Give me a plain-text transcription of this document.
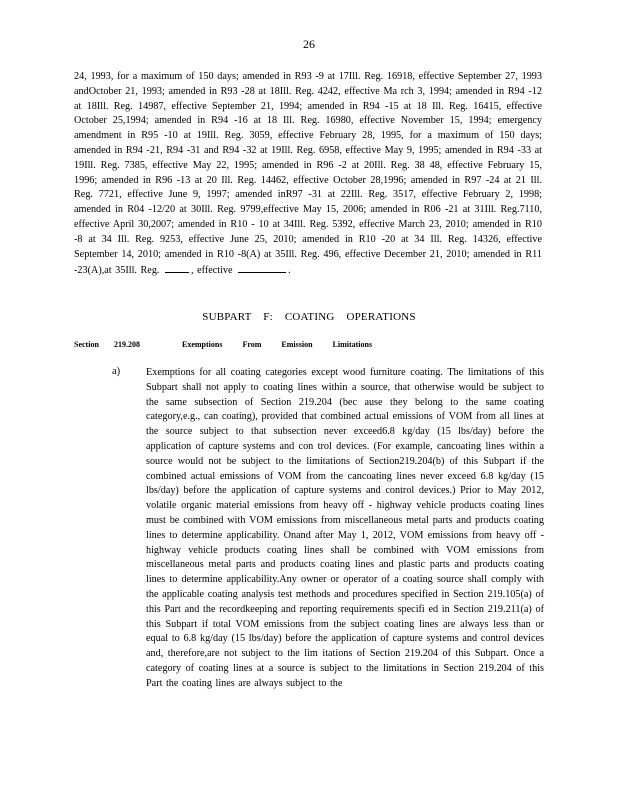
26
24, 1993, for a maximum of 150 days; amended in R93 -9 at 17Ill. Reg. 16918, effective September 27, 1993 andOctober 21, 1993; amended in R93 -28 at 18Ill. Reg. 4242, effective Ma rch 3, 1994; amended in R94 -12 at 18Ill. Reg. 14987, effective September 21, 1994; amended in R94 -15 at 18 Ill. Reg. 16415, effective October 25,1994; amended in R94 -16 at 18 Ill. Reg. 16980, effective November 15, 1994; emergency amendment in R95 -10 at 19Ill. Reg. 3059, effective February 28, 1995, for a maximum of 150 days; amended in R94 -21, R94 -31 and R94 -32 at 19Ill. Reg. 6958, effective May 9, 1995; amended in R94 -33 at 19Ill. Reg. 7385, effective May 22, 1995; amended in R96 -2 at 20Ill. Reg. 38 48, effective February 15, 1996; amended in R96 -13 at 20 Ill. Reg. 14462, effective October 28,1996; amended in R97 -24 at 21 Ill. Reg. 7721, effective June 9, 1997; amended inR97 -31 at 22Ill. Reg. 3517, effective February 2, 1998; amended in R04 -12/20 at 30Ill. Reg. 9799,effective May 15, 2006; amended in R06 -21 at 31Ill. Reg.7110, effective April 30,2007; amended in R10 - 10 at 34Ill. Reg. 5392, effective March 23, 2010; amended in R10 -8 at 34 Ill. Reg. 9253, effective June 25, 2010; amended in R10 -20 at 34 Ill. Reg. 14326, effective September 14, 2010; amended in R10 -8(A) at 35Ill. Reg. 496, effective December 21, 2010; amended in R11 -23(A),at 35Ill. Reg.	, effective	.
SUBPART F: COATING OPERATIONS
Section 219.208	Exemptions From Emission Limitations
a)	Exemptions for all coating categories except wood furniture coating. The limitations of this Subpart shall not apply to coating lines within a source, that otherwise would be subject to the same subsection of Section 219.204 (bec ause they belong to the same coating category,e.g., can coating), provided that combined actual emissions of VOM from all lines at the source subject to that subsection never exceed6.8 kg/day (15 lbs/day) before the application of capture systems and con trol devices. (For example, cancoating lines within a source would not be subject to the limitations of Section219.204(b) of this Subpart if the combined actual emissions of VOM from the cancoating lines never exceed 6.8 kg/day (15 lbs/day) before the application of capture systems and control devices.) Prior to May 2012, volatile organic material emissions from heavy off - highway vehicle products coating lines must be combined with VOM emissions from miscellaneous metal parts and products coating lines to determine applicability. Onand after May 1, 2012, VOM emissions from heavy off - highway vehicle products coating lines shall be combined with VOM emissions from miscellaneous metal parts and products coating lines and plastic parts and products coating lines to determine applicability.Any owner or operator of a coating source shall comply with the applicable coating analysis test methods and procedures specified in Section 219.105(a) of this Part and the recordkeeping and reporting requirements specifi ed in Section 219.211(a) of this Subpart if total VOM emissions from the subject coating lines are always less than or equal to 6.8 kg/day (15 lbs/day) before the application of capture systems and control devices and, therefore,are not subject to the lim itations of Section 219.204 of this Subpart. Once a category of coating lines at a source is subject to the limitations in Section 219.204 of this Part the coating lines are always subject to the
